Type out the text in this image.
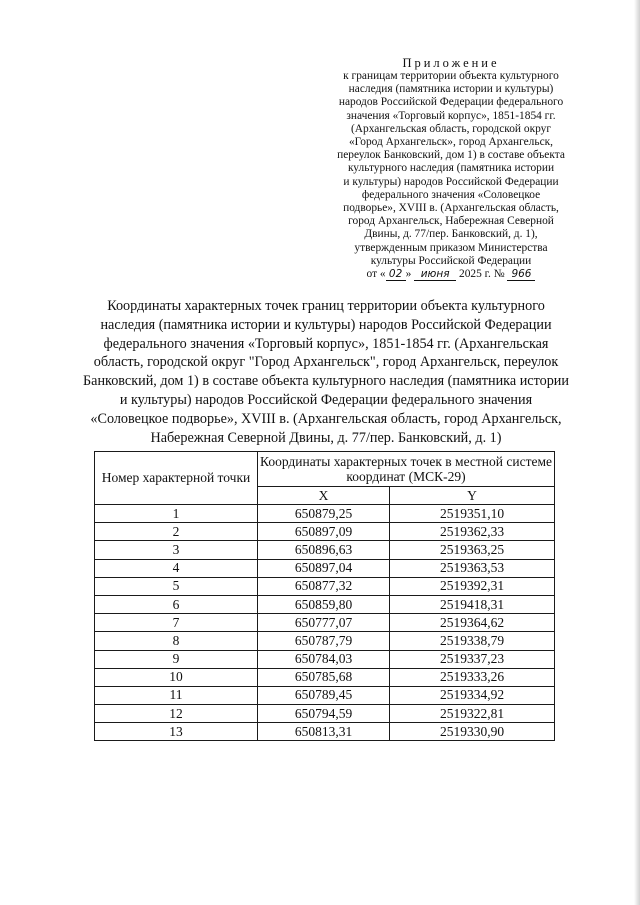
Приложение
к границам территории объекта культурного
наследия (памятника истории и культуры)
народов Российской Федерации федерального
значения «Торговый корпус», 1851-1854 гг.
(Архангельская область, городской округ
«Город Архангельск», город Архангельск,
переулок Банковский, дом 1) в составе объекта
культурного наследия (памятника истории
и культуры) народов Российской Федерации
федерального значения «Соловецкое
подворье», XVIII в. (Архангельская область,
город Архангельск, Набережная Северной
Двины, д. 77/пер. Банковский, д. 1),
утвержденным приказом Министерства
культуры Российской Федерации
от « 02 » июня 2025 г. № 966
Координаты характерных точек границ территории объекта культурного
наследия (памятника истории и культуры) народов Российской Федерации
федерального значения «Торговый корпус», 1851-1854 гг. (Архангельская
область, городской округ "Город Архангельск", город Архангельск, переулок
Банковский, дом 1) в составе объекта культурного наследия (памятника истории
и культуры) народов Российской Федерации федерального значения
«Соловецкое подворье», XVIII в. (Архангельская область, город Архангельск,
Набережная Северной Двины, д. 77/пер. Банковский, д. 1)
Номер характерной точки	Координаты характерных точек в местной системе координат (МСК-29)	
	X	Y
1	650879,25	2519351,10
2	650897,09	2519362,33
3	650896,63	2519363,25
4	650897,04	2519363,53
5	650877,32	2519392,31
6	650859,80	2519418,31
7	650777,07	2519364,62
8	650787,79	2519338,79
9	650784,03	2519337,23
10	650785,68	2519333,26
11	650789,45	2519334,92
12	650794,59	2519322,81
13	650813,31	2519330,90
